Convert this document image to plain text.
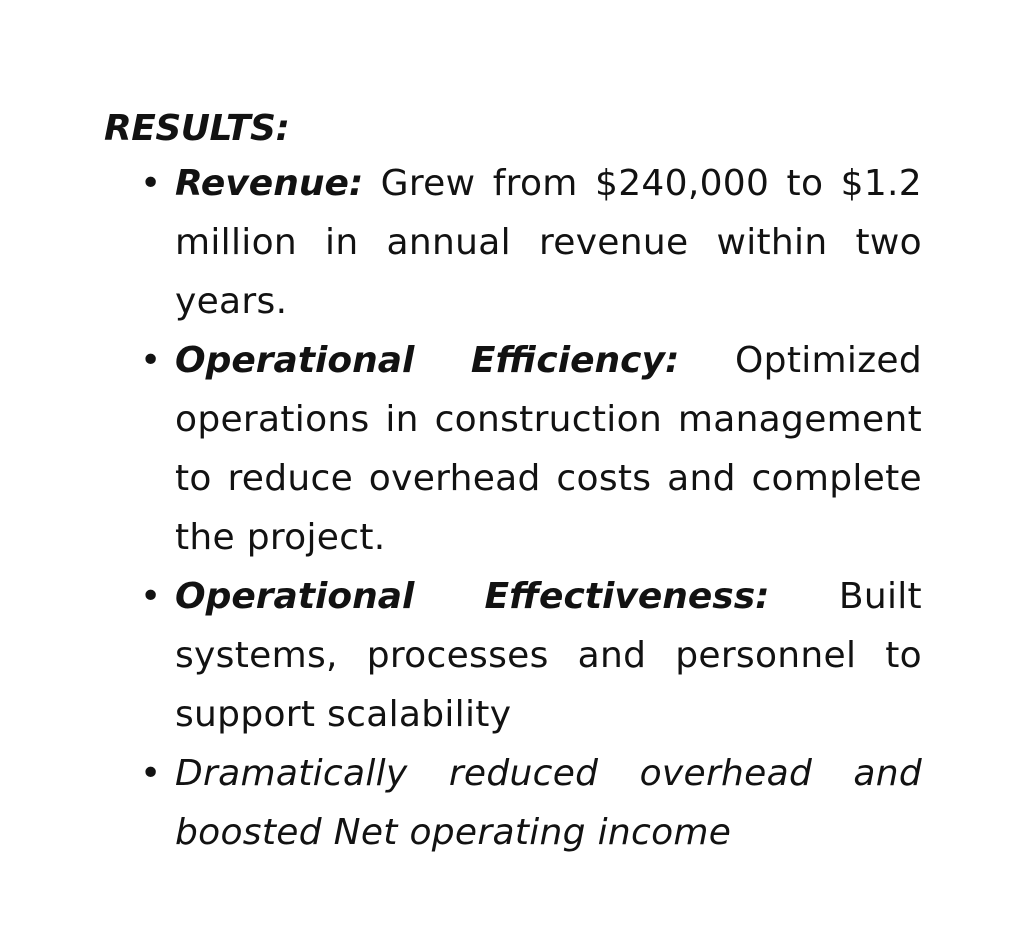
RESULTS:
• Revenue: Grew from $240,000 to $1.2 million in annual revenue within two years.
• Operational Efficiency: Optimized operations in construction management to reduce overhead costs and complete the project.
• Operational Effectiveness: Built systems, processes and personnel to support scalability
• Dramatically reduced overhead and boosted Net operating income
